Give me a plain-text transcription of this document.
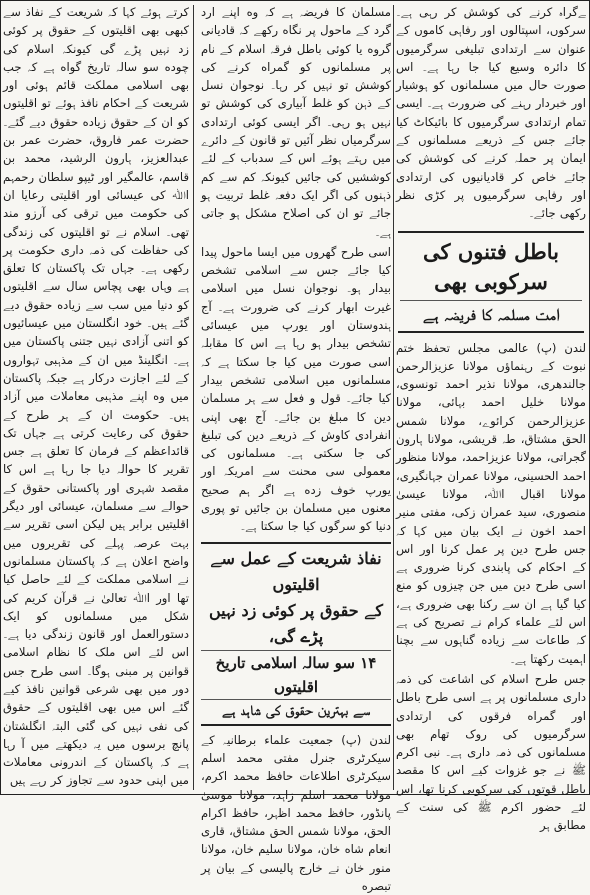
ﮯﮔﺮاہ ﮐﺮﻧﮯ ﮐﯽ ﮐﻮﺷﺶ ﮐﺮ رﮨﯽ ﮨﮯ۔ ﺳﺮﮐﻮں، اﺳﭙﺘﺎﻟﻮں اور رﻓﺎﮨﯽ ﮐﺎﻣﻮں ﮐﮯ ﻋﻨﻮان ﺳﮯ ارﺗﺪادی ﺗﺒﻠﯿﻐﯽ ﺳﺮﮔﺮﻣﯿﻮں ﮐﺎ داﺋﺮه وﺳﯿﻊ ﮐﯿﺎ ﺟﺎ رﮨﺎ ﮨﮯ۔ اس ﺻﻮرت ﺣﺎل ﻣﯿﮟ ﻣﺴﻠﻤﺎﻧﻮں ﮐﻮ ﮨﻮﺷﯿﺎر اور ﺧﺒﺮدار رﮨﻨﮯ ﮐﯽ ﺿﺮورت ﮨﮯ۔ اﯾﺴﯽ ﺗﻤﺎم ارﺗﺪادی ﺳﺮﮔﺮﻣﯿﻮں ﮐﺎ ﺑﺎﺋﯿﮑﺎٹ ﮐﯿﺎ ﺟﺎﺋﮯ ﺟﺲ ﮐﮯ ذرﯾﻌﮯ ﻣﺴﻠﻤﺎﻧﻮں ﮐﮯ اﯾﻤﺎن ﭘﺮ ﺣﻤﻠﮧ ﮐﺮﻧﮯ ﮐﯽ ﮐﻮﺷﺶ ﮐﯽ ﺟﺎﺋﮯ ﺧﺎص ﮐﺮ ﻗﺎدﯾﺎﻧﯿﻮں ﮐﯽ ارﺗﺪادی اور رﻓﺎﮨﯽ ﺳﺮﮔﺮﻣﯿﻮں ﭘﺮ ﮐﮍی ﻧﻈﺮ رﮐﮭﯽ ﺟﺎﺋﮯ۔

ﺑﺎﻃﻞ ﻓﺘﻨﻮں ﮐﯽ ﺳﺮﮐﻮﺑﯽ ﺑﮭﯽ
اﻣﺖ ﻣﺴﻠﻤﮧ ﮐﺎ ﻓﺮﯾﻀﮧ ﮨﮯ

ﻟﻨﺪن (پ) ﻋﺎﻟﻤﯽ ﻣﺠﻠﺲ ﺗﺤﻔﻆ ﺧﺘﻢ ﻧﺒﻮت ﮐﮯ رﮨﻨﻤﺎؤں ﻣﻮﻻﻧﺎ ﻋﺰﯾﺰاﻟﺮﺣﻤﻦ ﺟﺎﻟﻨﺪﮬﺮی، ﻣﻮﻻﻧﺎ ﻧﺬﯾﺮ اﺣﻤﺪ ﺗﻮﻧﺴﻮی، ﻣﻮﻻﻧﺎ ﺧﻠﯿﻞ اﺣﻤﺪ ﺑﮩﺎﺋﯽ، ﻣﻮﻻﻧﺎ ﻋﺰﯾﺰاﻟﺮﺣﻤﻦ ﮐﺮاﺋﻮے، ﻣﻮﻻﻧﺎ ﺷﻤﺲ اﻟﺤﻖ ﻣﺸﺘﺎق، ﻃﮧ ﻗﺮﯾﺸﯽ، ﻣﻮﻻﻧﺎ ﮨﺎرون ﮔﺠﺮاﺗﯽ، ﻣﻮﻻﻧﺎ ﻋﺰﯾﺰاﺣﻤﺪ، ﻣﻮﻻﻧﺎ ﻣﻨﻈﻮر اﺣﻤﺪ اﻟﺤﺴﯿﻨﯽ، ﻣﻮﻻﻧﺎ ﻋﻤﺮان ﺟﮩﺎﻧﮕﯿﺮی، ﻣﻮﻻﻧﺎ اﻗﺒﺎل اﷲ، ﻣﻮﻻﻧﺎ ﻋﯿﺴﯽٰ ﻣﻨﺼﻮری، ﺳﯿﺪ ﻋﻤﺮان زﮐﯽ، ﻣﻔﺘﯽ ﻣﻨﯿﺮ اﺣﻤﺪ اﺧﻮن ﻧﮯ اﯾﮏ ﺑﯿﺎن ﻣﯿﮟ ﮐﮩﺎ ﮐﮧ ﺟﺲ ﻃﺮح دﯾﻦ ﭘﺮ ﻋﻤﻞ ﮐﺮﻧﺎ اور اس ﮐﮯ اﺣﮑﺎم ﮐﯽ ﭘﺎﺑﻨﺪی ﮐﺮﻧﺎ ﺿﺮوری ﮨﮯ اﺳﯽ ﻃﺮح دﯾﻦ ﻣﯿﮟ ﺟﻦ ﭼﯿﺰوں ﮐﻮ ﻣﻨﻊ ﮐﯿﺎ ﮔﯿﺎ ﮨﮯ ان ﺳﮯ رﮐﻨﺎ ﺑﮭﯽ ﺿﺮوری ﮨﮯ، اس ﻟﺌﮯ ﻋﻠﻤﺎء ﮐﺮام ﻧﮯ ﺗﺼﺮﯾﺢ ﮐﯽ ﮨﮯ ﮐﮧ ﻃﺎﻋﺎت ﺳﮯ زﯾﺎده ﮔﻨﺎﮨﻮں ﺳﮯ ﺑﭽﻨﺎ اﮨﻤﯿﺖ رﮐﮭﺘﺎ ﮨﮯ۔

ﺟﺲ ﻃﺮح اﺳﻼم ﮐﯽ اﺷﺎﻋﺖ ﮐﯽ ذﻣﮧ داری ﻣﺴﻠﻤﺎﻧﻮں ﭘﺮ ﮨﮯ اﺳﯽ ﻃﺮح ﺑﺎﻃﻞ اور ﮔﻤﺮاه ﻓﺮﻗﻮں ﮐﯽ ارﺗﺪادی ﺳﺮﮔﺮﻣﯿﻮں ﮐﯽ روک ﺗﮭﺎم ﺑﮭﯽ ﻣﺴﻠﻤﺎﻧﻮں ﮐﯽ ذﻣﮧ داری ﮨﮯ۔ ﻧﺒﯽ اﮐﺮم ﷺ ﻧﮯ ﺟﻮ ﻏﺰوات ﮐﯿﮯ اس ﮐﺎ ﻣﻘﺼﺪ ﺑﺎﻃﻞ ﻗﻮﺗﻮں ﮐﯽ ﺳﺮﮐﻮﺑﯽ ﮐﺮﻧﺎ ﺗﮭﺎ، اس ﻟﺌﮯ ﺣﻀﻮر اﮐﺮم ﷺ ﮐﯽ ﺳﻨﺖ ﮐﮯ ﻣﻄﺎﺑﻖ ﮨﺮ

ﻣﺴﻠﻤﺎن ﮐﺎ ﻓﺮﯾﻀﮧ ﮨﮯ ﮐﮧ وه اﭘﻨﮯ ارد ﮔﺮد ﮐﮯ ﻣﺎﺣﻮل ﭘﺮ ﻧﮕﺎه رﮐﮭﮯ ﮐﮧ ﻗﺎدﯾﺎﻧﯽ ﮔﺮوه ﯾﺎ ﮐﻮﺋﯽ ﺑﺎﻃﻞ ﻓﺮﻗﮧ اﺳﻼم ﮐﮯ ﻧﺎم ﭘﺮ ﻣﺴﻠﻤﺎﻧﻮں ﮐﻮ ﮔﻤﺮاه ﮐﺮﻧﮯ ﮐﯽ ﮐﻮﺷﺶ ﺗﻮ ﻧﮩﯿﮟ ﮐﺮ رﮨﺎ۔ ﻧﻮﺟﻮان ﻧﺴﻞ ﮐﮯ ذﮨﻦ ﮐﻮ ﻏﻠﻂ آﺑﯿﺎری ﮐﯽ ﮐﻮﺷﺶ ﺗﻮ ﻧﮩﯿﮟ ﮨﻮ رﮨﯽ۔ اﮔﺮ اﯾﺴﯽ ﮐﻮﺋﯽ ارﺗﺪادی ﺳﺮﮔﺮﻣﯿﺎں ﻧﻈﺮ آﺋﯿﮟ ﺗﻮ ﻗﺎﻧﻮن ﮐﮯ داﺋﺮے ﻣﯿﮟ رﮨﺘﮯ ﮨﻮﺋﮯ اس ﮐﮯ ﺳﺪﺑﺎب ﮐﮯ ﻟﺌﮯ ﮐﻮﺷﺸﯿﮟ ﮐﯽ ﺟﺎﺋﯿﮟ ﮐﯿﻮﻧﮑﮧ ﮐﻢ ﺳﮯ ﮐﻢ ذﮨﻨﻮں ﮐﯽ اﮔﺮ اﯾﮏ دﻓﻌﮧ ﻏﻠﻂ ﺗﺮﺑﯿﺖ ﮨﻮ ﺟﺎﺋﮯ ﺗﻮ ان ﮐﯽ اﺻﻼح ﻣﺸﮑﻞ ﮨﻮ ﺟﺎﺗﯽ ﮨﮯ۔

اﺳﯽ ﻃﺮح ﮔﮭﺮوں ﻣﯿﮟ اﯾﺴﺎ ﻣﺎﺣﻮل ﭘﯿﺪا ﮐﯿﺎ ﺟﺎﺋﮯ ﺟﺲ ﺳﮯ اﺳﻼﻣﯽ ﺗﺸﺨﺺ ﺑﯿﺪار ﮨﻮ۔ ﻧﻮﺟﻮان ﻧﺴﻞ ﻣﯿﮟ اﺳﻼﻣﯽ ﻏﯿﺮت اﺑﮭﺎر ﮐﺮﻧﮯ ﮐﯽ ﺿﺮورت ﮨﮯ۔ آج ﮨﻨﺪوﺳﺘﺎن اور ﯾﻮرپ ﻣﯿﮟ ﻋﯿﺴﺎﺋﯽ ﺗﺸﺨﺺ ﺑﯿﺪار ﮨﻮ رﮨﺎ ﮨﮯ اس ﮐﺎ ﻣﻘﺎﺑﻠﮧ اﺳﯽ ﺻﻮرت ﻣﯿﮟ ﮐﯿﺎ ﺟﺎ ﺳﮑﺘﺎ ﮨﮯ ﮐﮧ ﻣﺴﻠﻤﺎﻧﻮں ﻣﯿﮟ اﺳﻼﻣﯽ ﺗﺸﺨﺺ ﺑﯿﺪار ﮐﯿﺎ ﺟﺎﺋﮯ۔ ﻗﻮل و ﻓﻌﻞ ﺳﮯ ﮨﺮ ﻣﺴﻠﻤﺎن دﯾﻦ ﮐﺎ ﻣﺒﻠﻎ ﺑﻦ ﺟﺎﺋﮯ۔ آج ﺑﮭﯽ اﭘﻨﯽ اﻧﻔﺮادی ﮐﺎوش ﮐﮯ ذرﯾﻌﮯ دﯾﻦ ﮐﯽ ﺗﺒﻠﯿﻎ ﮐﯽ ﺟﺎ ﺳﮑﺘﯽ ﮨﮯ۔ ﻣﺴﻠﻤﺎﻧﻮں ﮐﯽ ﻣﻌﻤﻮﻟﯽ ﺳﯽ ﻣﺤﻨﺖ ﺳﮯ اﻣﺮﯾﮑﮧ اور ﯾﻮرپ ﺧﻮف زده ﮨﮯ اﮔﺮ ﮨﻢ ﺻﺤﯿﺢ ﻣﻌﻨﻮں ﻣﯿﮟ ﻣﺴﻠﻤﺎن ﺑﻦ ﺟﺎﺋﯿﮟ ﺗﻮ ﭘﻮری دﻧﯿﺎ ﮐﻮ ﺳﺮﮔﻮں ﮐﯿﺎ ﺟﺎ ﺳﮑﺘﺎ ﮨﮯ۔

ﻧﻔﺎذ ﺷﺮﯾﻌﺖ ﮐﮯ ﻋﻤﻞ ﺳﮯ اﻗﻠﯿﺘﻮں
ﮐﮯ ﺣﻘﻮق ﭘﺮ ﮐﻮﺋﯽ زد ﻧﮩﯿﮟ ﭘﮍے ﮔﯽ،
۱۴ ﺳﻮ ﺳﺎﻟﮧ اﺳﻼﻣﯽ ﺗﺎرﯾﺦ اﻗﻠﯿﺘﻮں
ﺳﮯ ﺑﮩﺘﺮﯾﻦ ﺣﻘﻮق ﮐﯽ ﺷﺎﮨﺪ ﮨﮯ

ﻟﻨﺪن (پ) ﺟﻤﻌﯿﺖ ﻋﻠﻤﺎء ﺑﺮﻃﺎﻧﯿﮧ ﮐﮯ ﺳﯿﮑﺮﭨﺮی ﺟﻨﺮل ﻣﻔﺘﯽ ﻣﺤﻤﺪ اﺳﻠﻢ ﺳﯿﮑﺮﭨﺮی اﻃﻼﻋﺎت ﺣﺎﻓﻆ ﻣﺤﻤﺪ اﮐﺮم، ﻣﻮﻻﻧﺎ ﻣﺤﻤﺪ اﺳﻠﻢ زاﮨﺪ، ﻣﻮﻻﻧﺎ ﻣﻮﺳﯽٰ ﭘﺎﻧﮉور، ﺣﺎﻓﻆ ﻣﺤﻤﺪ اﻇﮩﺮ، ﺣﺎﻓﻆ اﮐﺮام اﻟﺤﻖ، ﻣﻮﻻﻧﺎ ﺷﻤﺲ اﻟﺤﻖ ﻣﺸﺘﺎق، ﻗﺎری اﻧﻌﺎم ﺷﺎه ﺧﺎن، ﻣﻮﻻﻧﺎ ﺳﻠﯿﻢ ﺧﺎن، ﻣﻮﻻﻧﺎ ﻣﻨﻮر ﺧﺎن ﻧﮯ ﺧﺎرج ﭘﺎﻟﯿﺴﯽ ﮐﮯ ﺑﯿﺎن ﭘﺮ ﺗﺒﺼﺮه

ﮐﺮﺗﮯ ﮨﻮﺋﮯ ﮐﮩﺎ ﮐﮧ ﺷﺮﯾﻌﺖ ﮐﮯ ﻧﻔﺎذ ﺳﮯ ﮐﺒﮭﯽ ﺑﮭﯽ اﻗﻠﯿﺘﻮں ﮐﮯ ﺣﻘﻮق ﭘﺮ ﮐﻮﺋﯽ زد ﻧﮩﯿﮟ ﭘﮍے ﮔﯽ ﮐﯿﻮﻧﮑﮧ اﺳﻼم ﮐﯽ ﭼﻮده ﺳﻮ ﺳﺎﻟﮧ ﺗﺎرﯾﺦ ﮔﻮاه ﮨﮯ ﮐﮧ ﺟﺐ ﺑﮭﯽ اﺳﻼﻣﯽ ﻣﻤﻠﮑﺖ ﻗﺎﺋﻢ ﮨﻮﺋﯽ اور ﺷﺮﯾﻌﺖ ﮐﮯ اﺣﮑﺎم ﻧﺎﻓﺬ ﮨﻮﺋﮯ ﺗﻮ اﻗﻠﯿﺘﻮں ﮐﻮ ان ﮐﮯ ﺣﻘﻮق زﯾﺎده ﺣﻘﻮق دﯾﮯ ﮔﺌﮯ۔ ﺣﻀﺮت ﻋﻤﺮ ﻓﺎروق، ﺣﻀﺮت ﻋﻤﺮ ﺑﻦ ﻋﺒﺪاﻟﻌﺰﯾﺰ، ﮨﺎرون اﻟﺮﺷﯿﺪ، ﻣﺤﻤﺪ ﺑﻦ ﻗﺎﺳﻢ، ﻋﺎﻟﻤﮕﯿﺮ اور ﭨﯿﭙﻮ ﺳﻠﻄﺎن رﺣﻤﮩﻢ اﷲ ﮐﯽ ﻋﯿﺴﺎﺋﯽ اور اﻗﻠﯿﺘﯽ رﻋﺎﯾﺎ ان ﮐﯽ ﺣﮑﻮﻣﺖ ﻣﯿﮟ ﺗﺮﻗﯽ ﮐﯽ آرزو ﻣﻨﺪ ﺗﮭﯽ۔ اﺳﻼم ﻧﮯ ﺗﻮ اﻗﻠﯿﺘﻮں ﮐﯽ زﻧﺪﮔﯽ ﮐﯽ ﺣﻔﺎﻇﺖ ﮐﯽ ذﻣﮧ داری ﺣﮑﻮﻣﺖ ﭘﺮ رﮐﮭﯽ ﮨﮯ۔ ﺟﮩﺎں ﺗﮏ ﭘﺎﮐﺴﺘﺎن ﮐﺎ ﺗﻌﻠﻖ ﮨﮯ وﮨﺎں ﺑﮭﯽ ﭘﭽﺎس ﺳﺎل ﺳﮯ اﻗﻠﯿﺘﻮں ﮐﻮ دﻧﯿﺎ ﻣﯿﮟ ﺳﺐ ﺳﮯ زﯾﺎده ﺣﻘﻮق دﯾﮯ ﮔﺌﮯ ﮨﯿﮟ۔ ﺧﻮد اﻧﮕﻠﺴﺘﺎن ﻣﯿﮟ ﻋﯿﺴﺎﺋﯿﻮں ﮐﻮ اﺗﻨﯽ آزادی ﻧﮩﯿﮟ ﺟﺘﻨﯽ ﭘﺎﮐﺴﺘﺎن ﻣﯿﮟ ﮨﮯ۔ اﻧﮕﻠﯿﻨﮉ ﻣﯿﮟ ان ﮐﮯ ﻣﺬﮨﺒﯽ ﺗﮩﻮاروں ﮐﮯ ﻟﺌﮯ اﺟﺎزت درﮐﺎر ﮨﮯ ﺟﺒﮑﮧ ﭘﺎﮐﺴﺘﺎن ﻣﯿﮟ وه اﭘﻨﮯ ﻣﺬﮨﺒﯽ ﻣﻌﺎﻣﻼت ﻣﯿﮟ آزاد ﮨﯿﮟ۔ ﺣﮑﻮﻣﺖ ان ﮐﮯ ﮨﺮ ﻃﺮح ﮐﮯ ﺣﻘﻮق ﮐﯽ رﻋﺎﯾﺖ ﮐﺮﺗﯽ ﮨﮯ ﺟﮩﺎں ﺗﮏ ﻗﺎﺋﺪاﻋﻈﻢ ﮐﮯ ﻓﺮﻣﺎن ﮐﺎ ﺗﻌﻠﻖ ﮨﮯ ﺟﺲ ﺗﻘﺮﯾﺮ ﮐﺎ ﺣﻮاﻟﮧ دﯾﺎ ﺟﺎ رﮨﺎ ﮨﮯ اس ﮐﺎ ﻣﻘﺼﺪ ﺷﮩﺮی اور ﭘﺎﮐﺴﺘﺎﻧﯽ ﺣﻘﻮق ﮐﮯ ﺣﻮاﻟﮯ ﺳﮯ ﻣﺴﻠﻤﺎن، ﻋﯿﺴﺎﺋﯽ اور دﯾﮕﺮ اﻗﻠﯿﺘﯿﮟ ﺑﺮاﺑﺮ ﮨﯿﮟ ﻟﯿﮑﻦ اﺳﯽ ﺗﻘﺮﯾﺮ ﺳﮯ ﺑﮩﺖ ﻋﺮﺻﮧ ﭘﮩﻠﮯ ﮐﯽ ﺗﻘﺮﯾﺮوں ﻣﯿﮟ واﺿﺢ اﻋﻼن ﮨﮯ ﮐﮧ ﭘﺎﮐﺴﺘﺎن ﻣﺴﻠﻤﺎﻧﻮں ﻧﮯ اﺳﻼﻣﯽ ﻣﻤﻠﮑﺖ ﮐﮯ ﻟﺌﮯ ﺣﺎﺻﻞ ﮐﯿﺎ ﺗﮭﺎ اور اﷲ ﺗﻌﺎﻟﯽٰ ﻧﮯ ﻗﺮآن ﮐﺮﯾﻢ ﮐﯽ ﺷﮑﻞ ﻣﯿﮟ ﻣﺴﻠﻤﺎﻧﻮں ﮐﻮ اﯾﮏ دﺳﺘﻮراﻟﻌﻤﻞ اور ﻗﺎﻧﻮن زﻧﺪﮔﯽ دﯾﺎ ﮨﮯ۔ اس ﻟﺌﮯ اس ﻣﻠﮏ ﮐﺎ ﻧﻈﺎم اﺳﻼﻣﯽ ﻗﻮاﻧﯿﻦ ﭘﺮ ﻣﺒﻨﯽ ﮨﻮﮔﺎ۔ اﺳﯽ ﻃﺮح ﺟﺲ دور ﻣﯿﮟ ﺑﮭﯽ ﺷﺮﻋﯽ ﻗﻮاﻧﯿﻦ ﻧﺎﻓﺬ ﮐﯿﮯ ﮔﺌﮯ اس ﻣﯿﮟ ﺑﮭﯽ اﻗﻠﯿﺘﻮں ﮐﮯ ﺣﻘﻮق ﮐﯽ ﻧﻔﯽ ﻧﮩﯿﮟ ﮐﯽ ﮔﺌﯽ اﻟﺒﺘﮧ اﻧﮕﻠﺸﺘﺎن ﭘﺎﻧﭻ ﺑﺮﺳﻮں ﻣﯿﮟ ﯾﮧ دﯾﮑﮭﺘﮯ ﻣﯿﮟ آ رﮨﺎ ﮨﮯ ﮐﮧ ﭘﺎﮐﺴﺘﺎن ﮐﮯ اﻧﺪروﻧﯽ ﻣﻌﺎﻣﻼت ﻣﯿﮟ اﭘﻨﯽ ﺣﺪود ﺳﮯ ﺗﺠﺎوز ﮐﺮ رﮨﮯ ﮨﯿﮟ
